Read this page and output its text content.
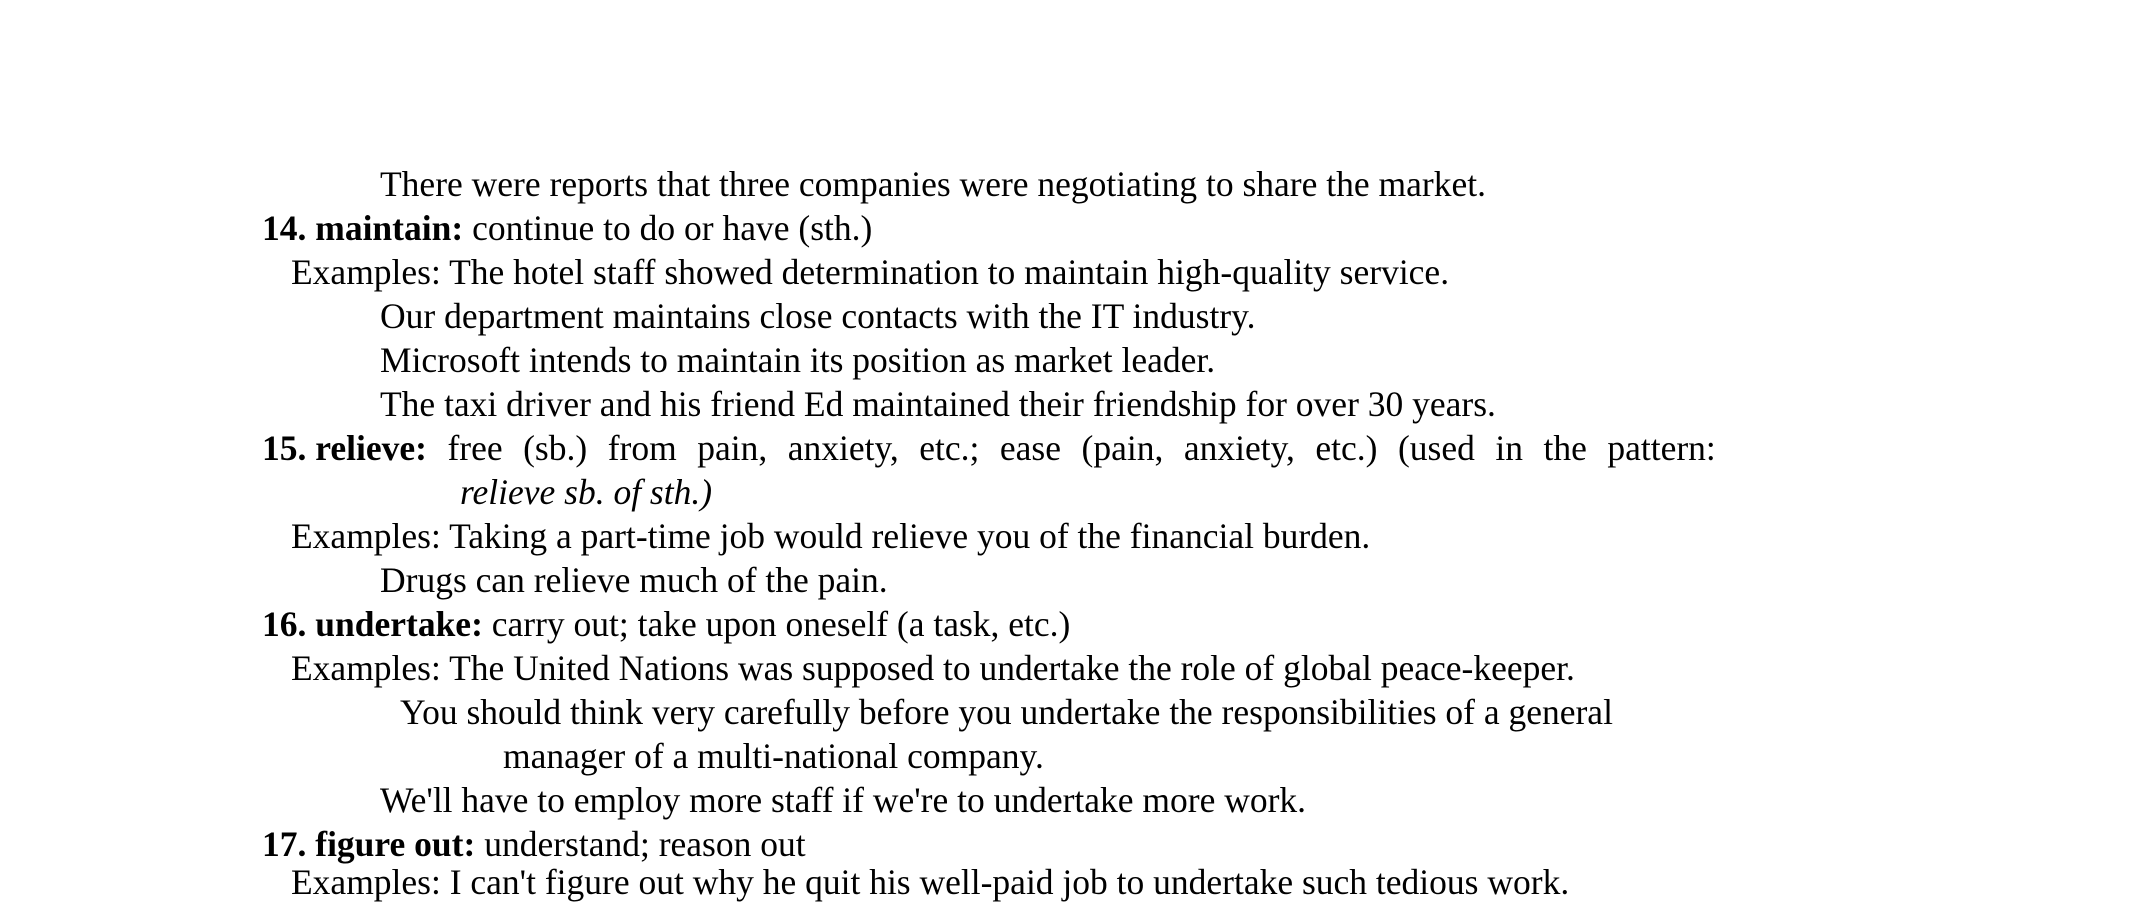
There were reports that three companies were negotiating to share the market.
14. maintain: continue to do or have (sth.)
Examples: The hotel staff showed determination to maintain high-quality service.
Our department maintains close contacts with the IT industry.
Microsoft intends to maintain its position as market leader.
The taxi driver and his friend Ed maintained their friendship for over 30 years.
15. relieve: free (sb.) from pain, anxiety, etc.; ease (pain, anxiety, etc.) (used in the pattern:
relieve sb. of sth.)
Examples: Taking a part-time job would relieve you of the financial burden.
Drugs can relieve much of the pain.
16. undertake: carry out; take upon oneself (a task, etc.)
Examples: The United Nations was supposed to undertake the role of global peace-keeper.
You should think very carefully before you undertake the responsibilities of a general
manager of a multi-national company.
We'll have to employ more staff if we're to undertake more work.
17. figure out: understand; reason out
Examples: I can't figure out why he quit his well-paid job to undertake such tedious work.
